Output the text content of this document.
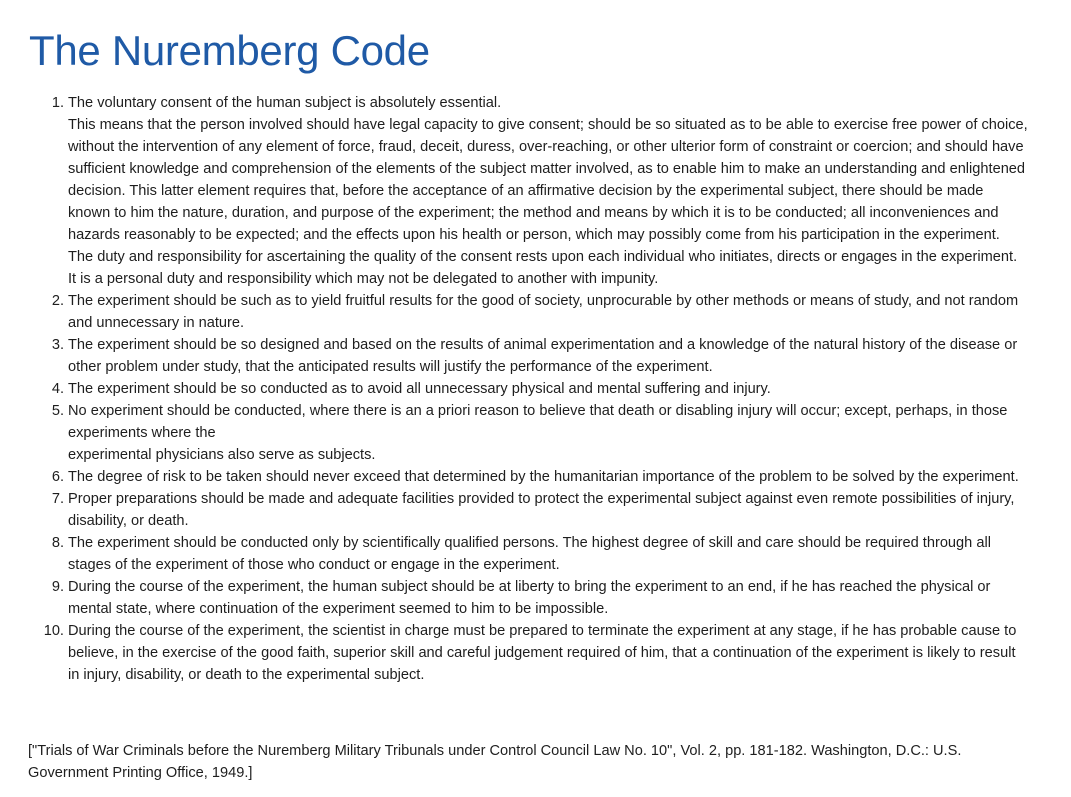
The Nuremberg Code
1. The voluntary consent of the human subject is absolutely essential.
This means that the person involved should have legal capacity to give consent; should be so situated as to be able to exercise free power of choice, without the intervention of any element of force, fraud, deceit, duress, over-reaching, or other ulterior form of constraint or coercion; and should have sufficient knowledge and comprehension of the elements of the subject matter involved, as to enable him to make an understanding and enlightened decision. This latter element requires that, before the acceptance of an affirmative decision by the experimental subject, there should be made known to him the nature, duration, and purpose of the experiment; the method and means by which it is to be conducted; all inconveniences and hazards reasonably to be expected; and the effects upon his health or person, which may possibly come from his participation in the experiment.
The duty and responsibility for ascertaining the quality of the consent rests upon each individual who initiates, directs or engages in the experiment. It is a personal duty and responsibility which may not be delegated to another with impunity.
2. The experiment should be such as to yield fruitful results for the good of society, unprocurable by other methods or means of study, and not random and unnecessary in nature.
3. The experiment should be so designed and based on the results of animal experimentation and a knowledge of the natural history of the disease or other problem under study, that the anticipated results will justify the performance of the experiment.
4. The experiment should be so conducted as to avoid all unnecessary physical and mental suffering and injury.
5. No experiment should be conducted, where there is an a priori reason to believe that death or disabling injury will occur; except, perhaps, in those experiments where the
experimental physicians also serve as subjects.
6. The degree of risk to be taken should never exceed that determined by the humanitarian importance of the problem to be solved by the experiment.
7. Proper preparations should be made and adequate facilities provided to protect the experimental subject against even remote possibilities of injury, disability, or death.
8. The experiment should be conducted only by scientifically qualified persons. The highest degree of skill and care should be required through all stages of the experiment of those who conduct or engage in the experiment.
9. During the course of the experiment, the human subject should be at liberty to bring the experiment to an end, if he has reached the physical or mental state, where continuation of the experiment seemed to him to be impossible.
10. During the course of the experiment, the scientist in charge must be prepared to terminate the experiment at any stage, if he has probable cause to believe, in the exercise of the good faith, superior skill and careful judgement required of him, that a continuation of the experiment is likely to result in injury, disability, or death to the experimental subject.

["Trials of War Criminals before the Nuremberg Military Tribunals under Control Council Law No. 10", Vol. 2, pp. 181-182. Washington, D.C.: U.S. Government Printing Office, 1949.]
